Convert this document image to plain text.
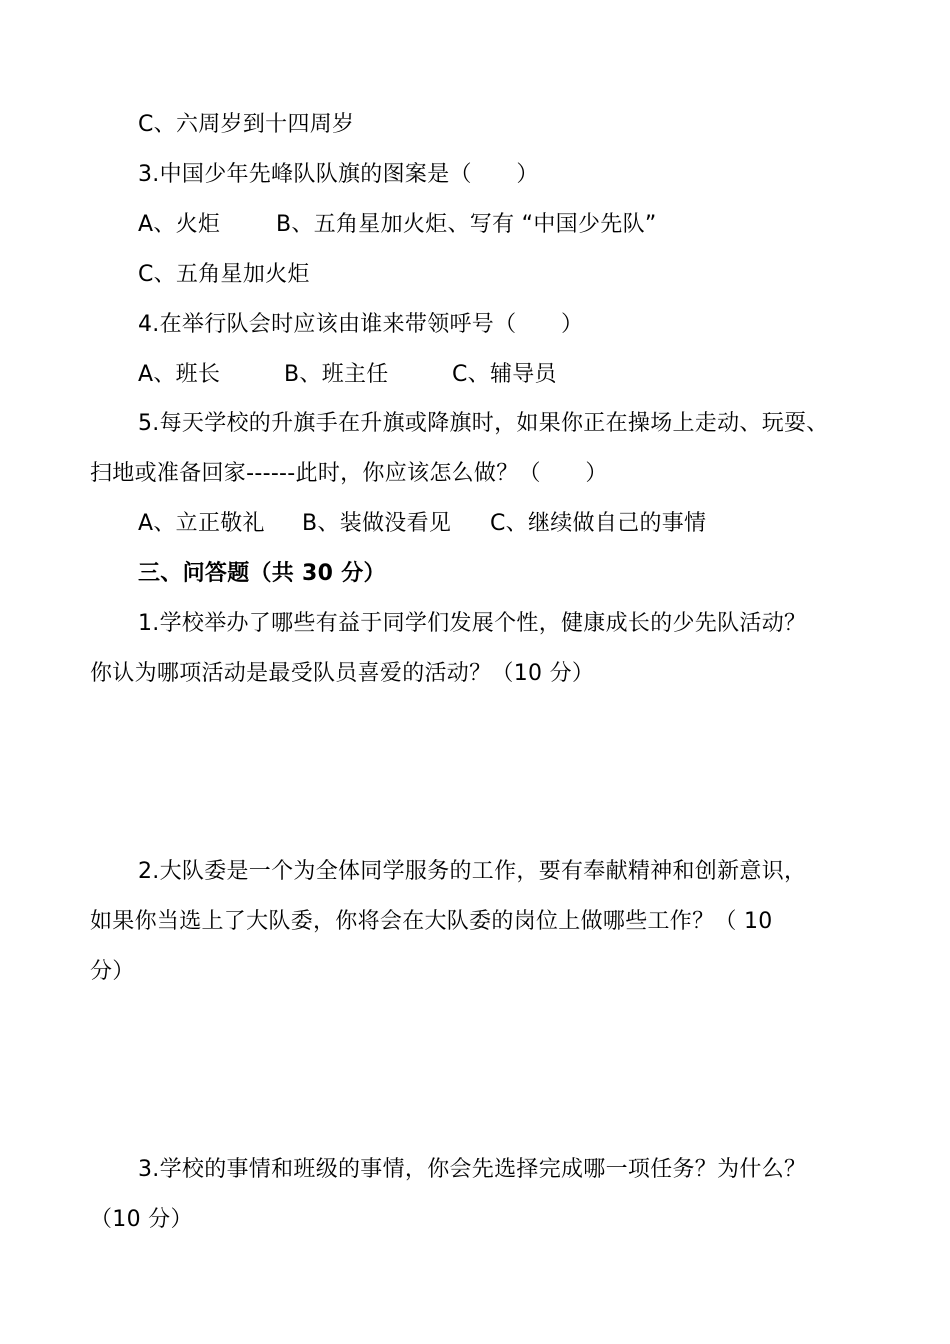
C、六周岁到十四周岁
3.中国少年先峰队队旗的图案是（　　）
A、火炬	B、五角星加火炬、写有 “中国少先队”
C、五角星加火炬
4.在举行队会时应该由谁来带领呼号（　　）
A、班长	B、班主任	C、辅导员
5.每天学校的升旗手在升旗或降旗时，如果你正在操场上走动、玩耍、
扫地或准备回家------此时，你应该怎么做？（　　）
A、立正敬礼 B、装做没看见 C、继续做自己的事情
三、问答题（共 30 分）
1.学校举办了哪些有益于同学们发展个性，健康成长的少先队活动？
你认为哪项活动是最受队员喜爱的活动？（10 分）
2.大队委是一个为全体同学服务的工作，要有奉献精神和创新意识，
如果你当选上了大队委，你将会在大队委的岗位上做哪些工作？（ 10
分）
3.学校的事情和班级的事情，你会先选择完成哪一项任务？为什么？
（10 分）
